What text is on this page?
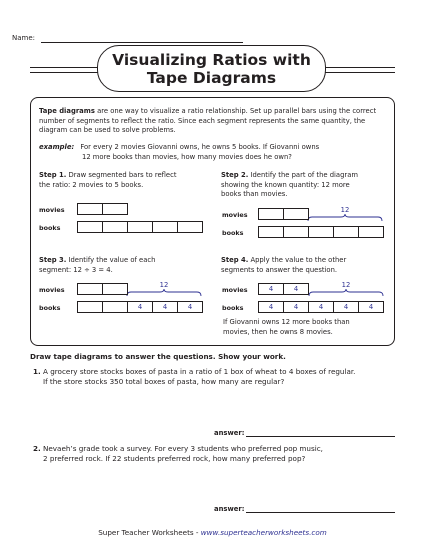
Name:
Visualizing Ratios with
Tape Diagrams
Tape diagrams are one way to visualize a ratio relationship. Set up parallel bars using the correct number of segments to reflect the ratio. Since each segment represents the same quantity, the diagram can be used to solve problems.
example: For every 2 movies Giovanni owns, he owns 5 books. If Giovanni owns
12 more books than movies, how many movies does he own?
Step 1. Draw segmented bars to reflect
the ratio: 2 movies to 5 books.
movies
books
Step 2. Identify the part of the diagram
showing the known quantity: 12 more
books than movies.
movies
books
12
Step 3. Identify the value of each
segment: 12 ÷ 3 = 4.
movies
books
12
4	4	4
Step 4. Apply the value to the other
segments to answer the question.
movies
books
12
4	4
4	4	4	4	4
If Giovanni owns 12 more books than
movies, then he owns 8 movies.
Draw tape diagrams to answer the questions. Show your work.
1. A grocery store stocks boxes of pasta in a ratio of 1 box of wheat to 4 boxes of regular.
If the store stocks 350 total boxes of pasta, how many are regular?
answer:
2. Nevaeh’s grade took a survey. For every 3 students who preferred pop music,
2 preferred rock. If 22 students preferred rock, how many preferred pop?
answer:
Super Teacher Worksheets - www.superteacherworksheets.com
